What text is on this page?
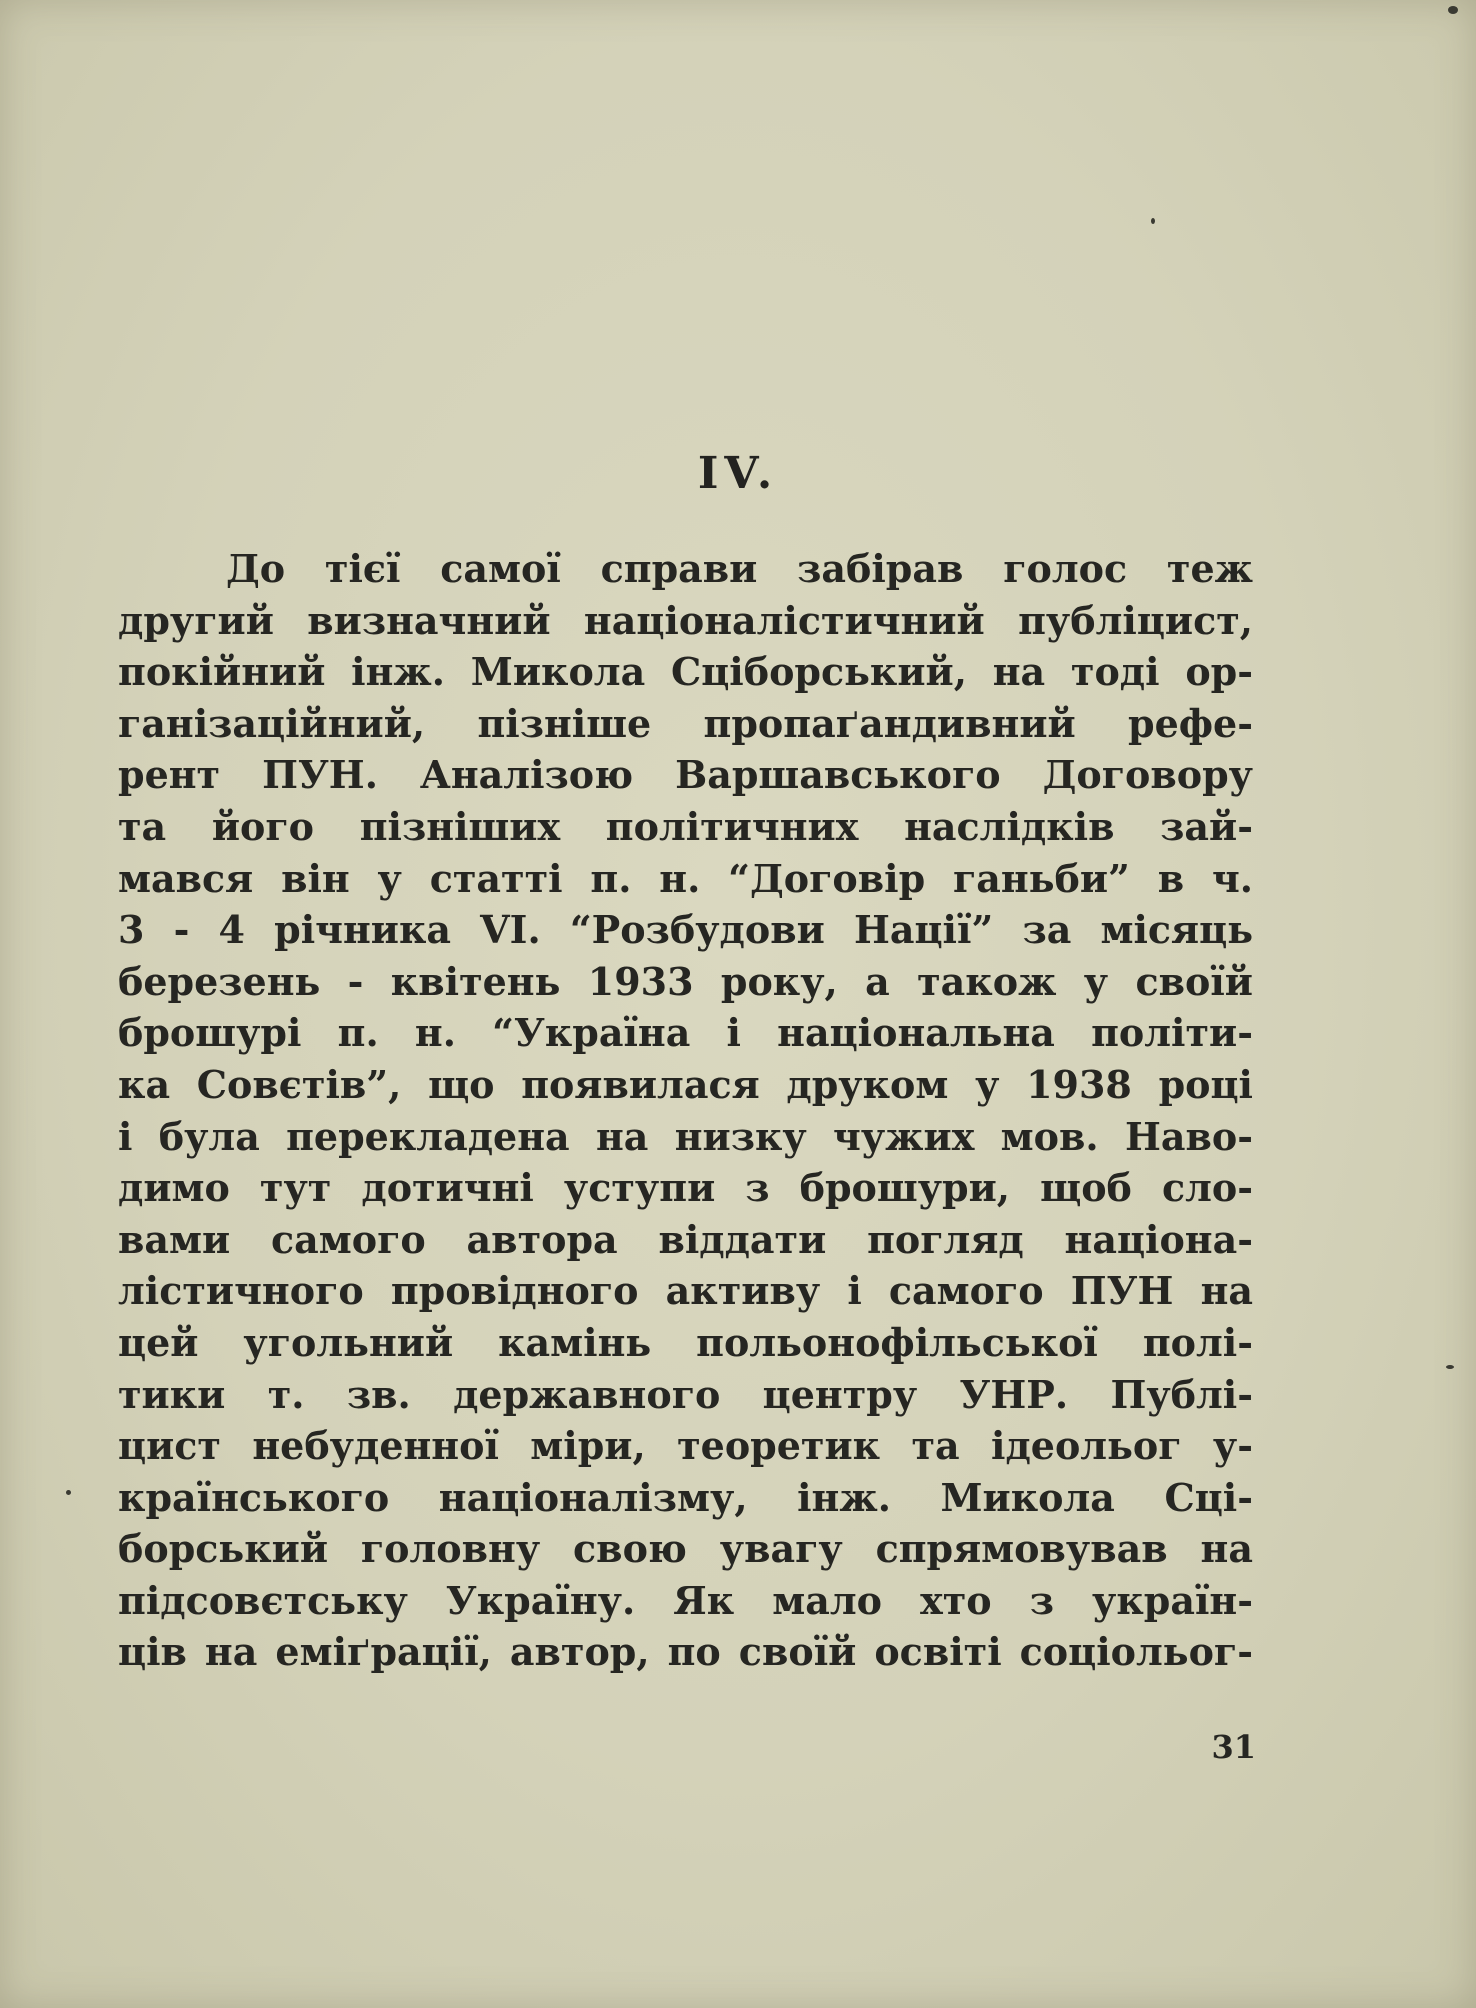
IV.
До тієї самої справи забірав голос теж
другий визначний націоналістичний публіцист,
покійний інж. Микола Сціборський, на тоді ор-
ганізаційний, пізніше пропаґандивний рефе-
рент ПУН. Аналізою Варшавського Договору
та його пізніших політичних наслідків зай-
мався він у статті п. н. “Договір ганьби” в ч.
3 - 4 річника VI. “Розбудови Нації” за місяць
березень - квітень 1933 року, а також у своїй
брошурі п. н. “Україна і національна політи-
ка Совєтів”, що появилася друком у 1938 році
і була перекладена на низку чужих мов. Наво-
димо тут дотичні уступи з брошури, щоб сло-
вами самого автора віддати погляд націона-
лістичного провідного активу і самого ПУН на
цей угольний камінь польонофільської полі-
тики т. зв. державного центру УНР. Публі-
цист небуденної міри, теоретик та ідеольог у-
країнського націоналізму, інж. Микола Сці-
борський головну свою увагу спрямовував на
підсовєтську Україну. Як мало хто з україн-
ців на еміґрації, автор, по своїй освіті соціольог-
31
